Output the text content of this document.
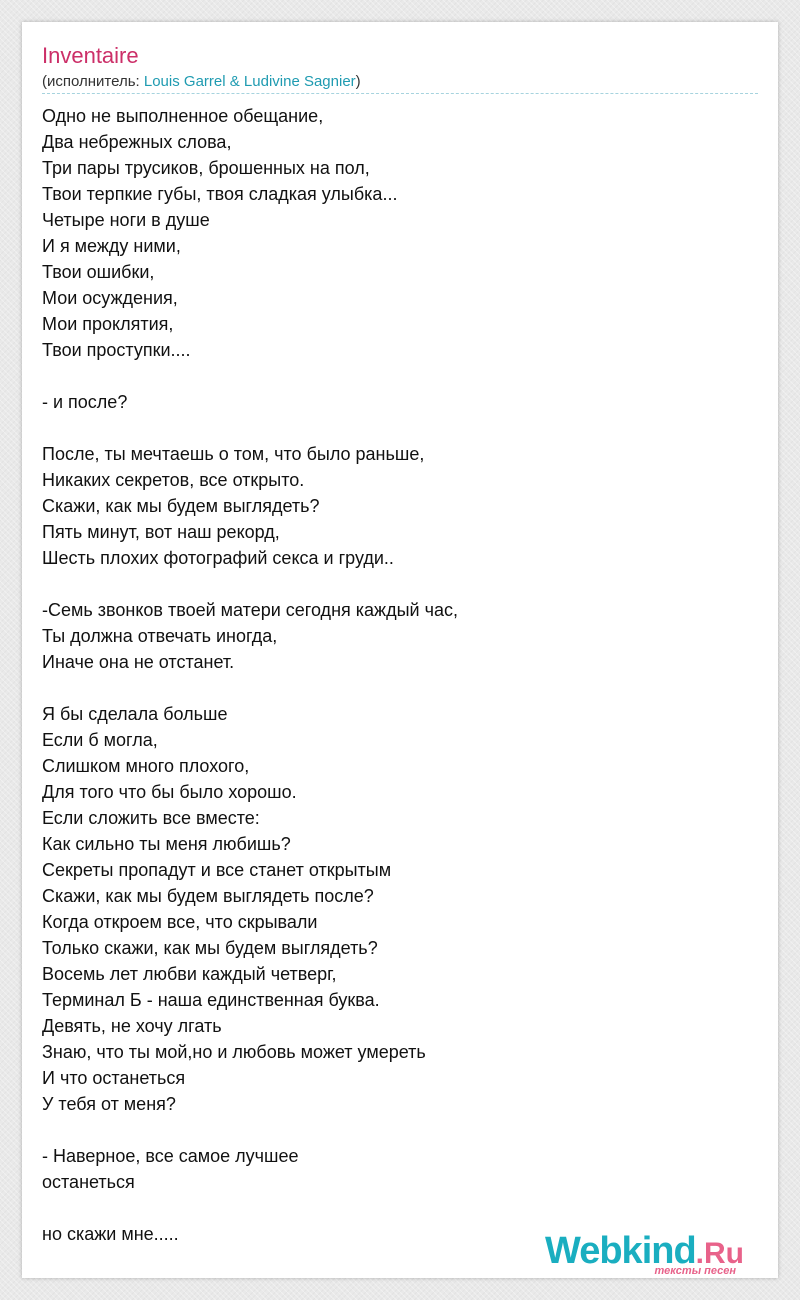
Inventaire
(исполнитель: Louis Garrel & Ludivine Sagnier)
Одно не выполненное обещание,
Два небрежных слова,
Три пары трусиков, брошенных на пол,
Твои терпкие губы, твоя сладкая улыбка...
Четыре ноги в душе
И я между ними,
Твои ошибки,
Мои осуждения,
Мои проклятия,
Твои проступки....
- и после?
После, ты мечтаешь о том, что было раньше,
Никаких секретов, все открыто.
Скажи, как мы будем выглядеть?
Пять минут, вот наш рекорд,
Шесть плохих фотографий секса и груди..
-Семь звонков твоей матери сегодня каждый час,
Ты должна отвечать иногда,
Иначе она не отстанет.
Я бы сделала больше
Если б могла,
Слишком много плохого,
Для того что бы было хорошо.
Если сложить все вместе:
Как сильно ты меня любишь?
Секреты пропадут и все станет открытым
Скажи, как мы будем выглядеть после?
Когда откроем все, что скрывали
Только скажи, как мы будем выглядеть?
Восемь лет любви каждый четверг,
Терминал Б - наша единственная буква.
Девять, не хочу лгать
Знаю, что ты мой,но и любовь может умереть
И что останеться
У тебя от меня?
- Наверное, все самое лучшее
останеться
но скажи мне.....	Webkind.Ru
тексты песен
